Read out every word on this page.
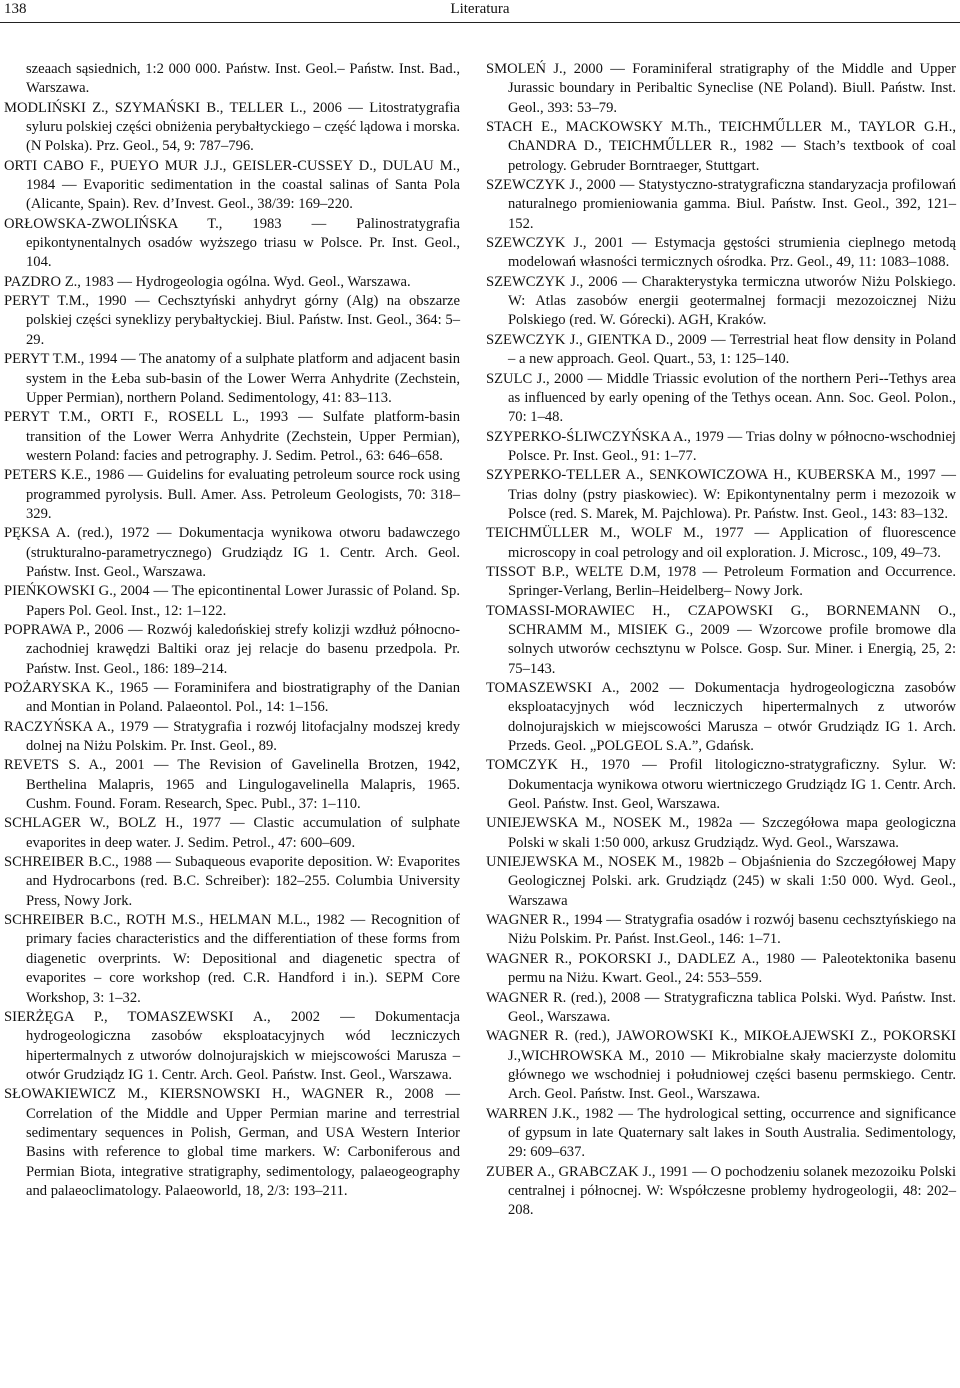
138	Literatura

szeaach sąsiednich, 1:2 000 000. Państw. Inst. Geol.– Państw. Inst. Bad., Warszawa.

MODLIŃSKI Z., SZYMAŃSKI B., TELLER L., 2006 — Litostratygrafia syluru polskiej części obniżenia perybałtyckiego – część lądowa i morska. (N Polska). Prz. Geol., 54, 9: 787–796.

ORTI CABO F., PUEYO MUR J.J., GEISLER-CUSSEY D., DULAU M., 1984 — Evaporitic sedimentation in the coastal salinas of Santa Pola (Alicante, Spain). Rev. d’Invest. Geol., 38/39: 169–220.

ORŁOWSKA-ZWOLIŃSKA T., 1983 — Palinostratygrafia epikontynentalnych osadów wyższego triasu w Polsce. Pr. Inst. Geol., 104.

PAZDRO Z., 1983 — Hydrogeologia ogólna. Wyd. Geol., Warszawa.

PERYT T.M., 1990 — Cechsztyński anhydryt górny (Alg) na obszarze polskiej części syneklizy perybałtyckiej. Biul. Państw. Inst. Geol., 364: 5–29.

PERYT T.M., 1994 — The anatomy of a sulphate platform and adjacent basin system in the Łeba sub-basin of the Lower Werra Anhydrite (Zechstein, Upper Permian), northern Poland. Sedimentology, 41: 83–113.

PERYT T.M., ORTI F., ROSELL L., 1993 — Sulfate platform-basin transition of the Lower Werra Anhydrite (Zechstein, Upper Permian), western Poland: facies and petrography. J. Sedim. Petrol., 63: 646–658.

PETERS K.E., 1986 — Guidelins for evaluating petroleum source rock using programmed pyrolysis. Bull. Amer. Ass. Petroleum Geologists, 70: 318–329.

PĘKSA A. (red.), 1972 — Dokumentacja wynikowa otworu badawczego (strukturalno-parametrycznego) Grudziądz IG 1. Centr. Arch. Geol. Państw. Inst. Geol., Warszawa.

PIEŃKOWSKI G., 2004 — The epicontinental Lower Jurassic of Poland. Sp. Papers Pol. Geol. Inst., 12: 1–122.

POPRAWA P., 2006 — Rozwój kaledońskiej strefy kolizji wzdłuż północno-zachodniej krawędzi Baltiki oraz jej relacje do basenu przedpola. Pr. Państw. Inst. Geol., 186: 189–214.

POŻARYSKA K., 1965 — Foraminifera and biostratigraphy of the Danian and Montian in Poland. Palaeontol. Pol., 14: 1–156.

RACZYŃSKA A., 1979 — Stratygrafia i rozwój litofacjalny modszej kredy dolnej na Niżu Polskim. Pr. Inst. Geol., 89.

REVETS S. A., 2001 — The Revision of Gavelinella Brotzen, 1942, Berthelina Malapris, 1965 and Lingulogavelinella Malapris, 1965. Cushm. Found. Foram. Research, Spec. Publ., 37: 1–110.

SCHLAGER W., BOLZ H., 1977 — Clastic accumulation of sulphate evaporites in deep water. J. Sedim. Petrol., 47: 600–609.

SCHREIBER B.C., 1988 — Subaqueous evaporite deposition. W: Evaporites and Hydrocarbons (red. B.C. Schreiber): 182–255. Columbia University Press, Nowy Jork.

SCHREIBER B.C., ROTH M.S., HELMAN M.L., 1982 — Recognition of primary facies characteristics and the differentiation of these forms from diagenetic overprints. W: Depositional and diagenetic spectra of evaporites – core workshop (red. C.R. Handford i in.). SEPM Core Workshop, 3: 1–32.

SIERŻĘGA P., TOMASZEWSKI A., 2002 — Dokumentacja hydrogeologiczna zasobów eksploatacyjnych wód leczniczych hipertermalnych z utworów dolnojurajskich w miejscowości Marusza – otwór Grudziądz IG 1. Centr. Arch. Geol. Państw. Inst. Geol., Warszawa.

SŁOWAKIEWICZ M., KIERSNOWSKI H., WAGNER R., 2008 — Correlation of the Middle and Upper Permian marine and terrestrial sedimentary sequences in Polish, German, and USA Western Interior Basins with reference to global time markers. W: Carboniferous and Permian Biota, integrative stratigraphy, sedimentology, palaeogeography and palaeoclimatology. Palaeoworld, 18, 2/3: 193–211.

SMOLEŃ J., 2000 — Foraminiferal stratigraphy of the Middle and Upper Jurassic boundary in Peribaltic Syneclise (NE Poland). Biull. Państw. Inst. Geol., 393: 53–79.

STACH E., MACKOWSKY M.Th., TEICHMŰLLER M., TAYLOR G.H., ChANDRA D., TEICHMŰLLER R., 1982 — Stach’s textbook of coal petrology. Gebruder Borntraeger, Stuttgart.

SZEWCZYK J., 2000 — Statystyczno-stratygraficzna standaryzacja profilowań naturalnego promieniowania gamma. Biul. Państw. Inst. Geol., 392, 121–152.

SZEWCZYK J., 2001 — Estymacja gęstości strumienia cieplnego metodą modelowań własności termicznych ośrodka. Prz. Geol., 49, 11: 1083–1088.

SZEWCZYK J., 2006 — Charakterystyka termiczna utworów Niżu Polskiego. W: Atlas zasobów energii geotermalnej formacji mezozoicznej Niżu Polskiego (red. W. Górecki). AGH, Kraków.

SZEWCZYK J., GIENTKA D., 2009 — Terrestrial heat flow density in Poland – a new approach. Geol. Quart., 53, 1: 125–140.

SZULC J., 2000 — Middle Triassic evolution of the northern Peri--Tethys area as influenced by early opening of the Tethys ocean. Ann. Soc. Geol. Polon., 70: 1–48.

SZYPERKO-ŚLIWCZYŃSKA A., 1979 — Trias dolny w północno-wschodniej Polsce. Pr. Inst. Geol., 91: 1–77.

SZYPERKO-TELLER A., SENKOWICZOWA H., KUBERSKA M., 1997 — Trias dolny (pstry piaskowiec). W: Epikontynentalny perm i mezozoik w Polsce (red. S. Marek, M. Pajchlowa). Pr. Państw. Inst. Geol., 143: 83–132.

TEICHMÜLLER M., WOLF M., 1977 — Application of fluorescence microscopy in coal petrology and oil exploration. J. Microsc., 109, 49–73.

TISSOT B.P., WELTE D.M, 1978 — Petroleum Formation and Occurrence. Springer-Verlang, Berlin–Heidelberg– Nowy Jork.

TOMASSI-MORAWIEC H., CZAPOWSKI G., BORNEMANN O., SCHRAMM M., MISIEK G., 2009 — Wzorcowe profile bromowe dla solnych utworów cechsztynu w Polsce. Gosp. Sur. Miner. i Energią, 25, 2: 75–143.

TOMASZEWSKI A., 2002 — Dokumentacja hydrogeologiczna zasobów eksploatacyjnych wód leczniczych hipertermalnych z utworów dolnojurajskich w miejscowości Marusza – otwór Grudziądz IG 1. Arch. Przeds. Geol. „POLGEOL S.A.”, Gdańsk.

TOMCZYK H., 1970 — Profil litologiczno-stratygraficzny. Sylur. W: Dokumentacja wynikowa otworu wiertniczego Grudziądz IG 1. Centr. Arch. Geol. Państw. Inst. Geol, Warszawa.

UNIEJEWSKA M., NOSEK M., 1982a — Szczegółowa mapa geologiczna Polski w skali 1:50 000, arkusz Grudziądz. Wyd. Geol., Warszawa.

UNIEJEWSKA M., NOSEK M., 1982b – Objaśnienia do Szczegółowej Mapy Geologicznej Polski. ark. Grudziądz (245) w skali 1:50 000. Wyd. Geol., Warszawa

WAGNER R., 1994 — Stratygrafia osadów i rozwój basenu cechsztyńskiego na Niżu Polskim. Pr. Państ. Inst.Geol., 146: 1–71.

WAGNER R., POKORSKI J., DADLEZ A., 1980 — Paleotektonika basenu permu na Niżu. Kwart. Geol., 24: 553–559.

WAGNER R. (red.), 2008 — Stratygraficzna tablica Polski. Wyd. Państw. Inst. Geol., Warszawa.

WAGNER R. (red.), JAWOROWSKI K., MIKOŁAJEWSKI Z., POKORSKI J.,WICHROWSKA M., 2010 — Mikrobialne skały macierzyste dolomitu głównego we wschodniej i południowej części basenu permskiego. Centr. Arch. Geol. Państw. Inst. Geol., Warszawa.

WARREN J.K., 1982 — The hydrological setting, occurrence and significance of gypsum in late Quaternary salt lakes in South Australia. Sedimentology, 29: 609–637.

ZUBER A., GRABCZAK J., 1991 — O pochodzeniu solanek mezozoiku Polski centralnej i północnej. W: Współczesne problemy hydrogeologii, 48: 202–208.
